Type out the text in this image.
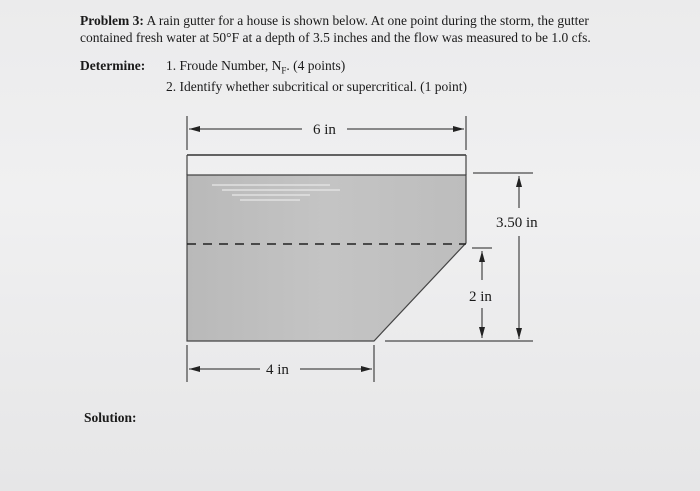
Problem 3: A rain gutter for a house is shown below. At one point during the storm, the gutter
contained fresh water at 50°F at a depth of 3.5 inches and the flow was measured to be 1.0 cfs.

Determine: 1. Froude Number, $N_F$. (4 points)
2. Identify whether subcritical or supercritical. (1 point)
6 in
4 in
3.50 in
2 in
Solution:
